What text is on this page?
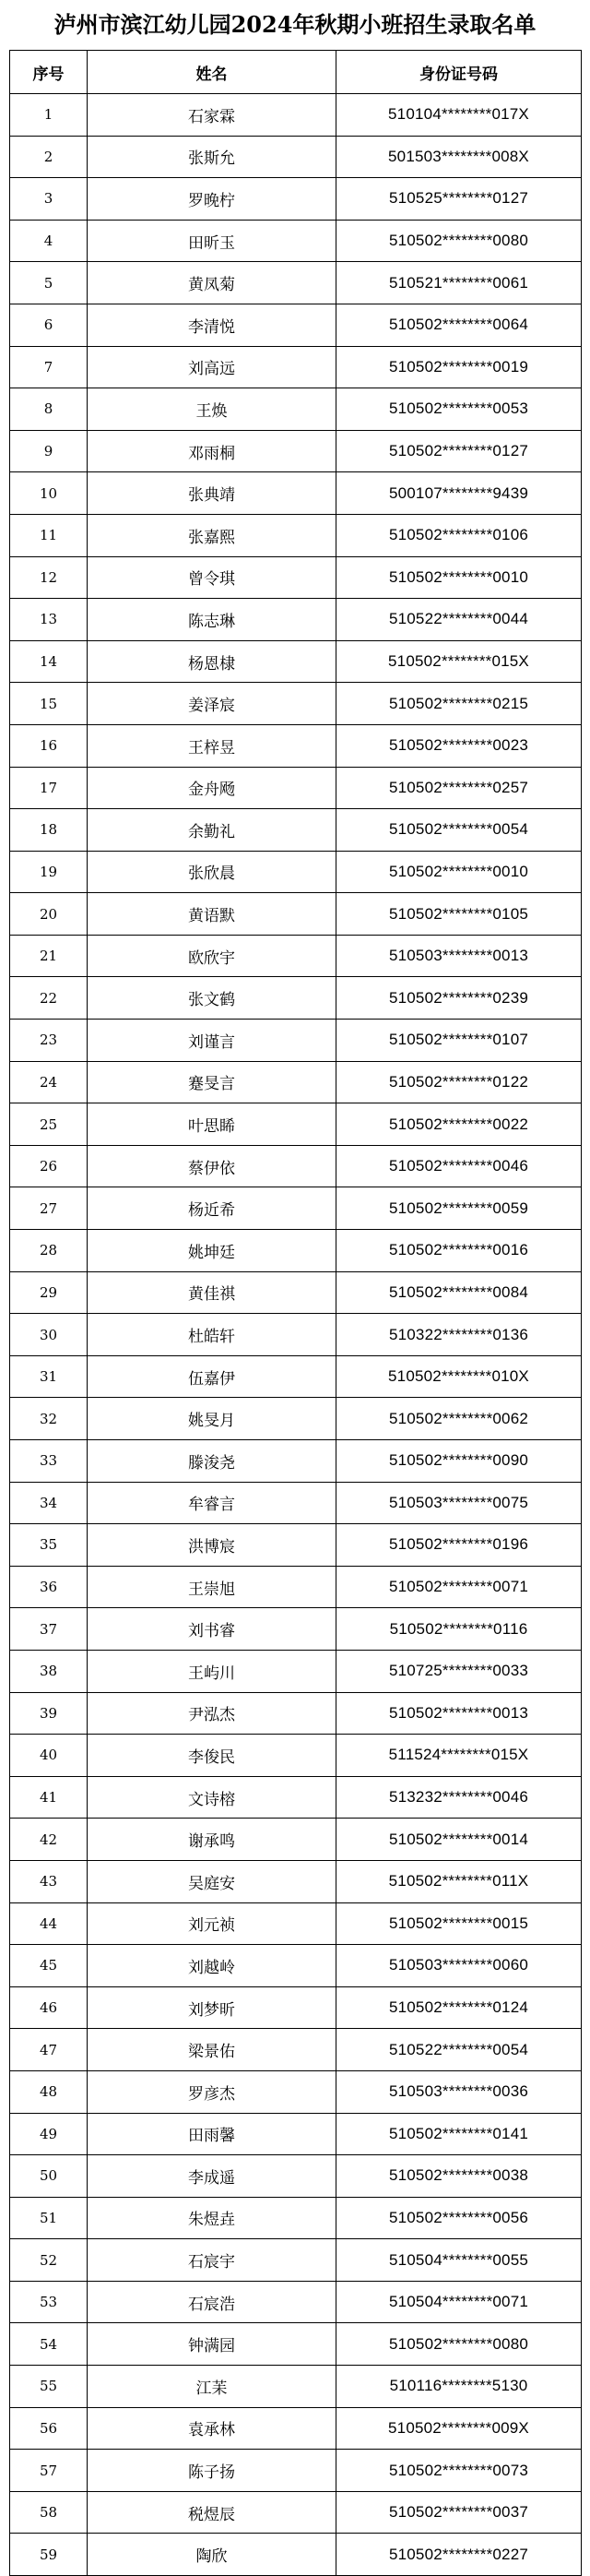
泸州市滨江幼儿园2024年秋期小班招生录取名单
序号	姓名	身份证号码
1	石家霖	510104********017X
2	张斯允	501503********008X
3	罗晚柠	510525********0127
4	田昕玉	510502********0080
5	黄凤菊	510521********0061
6	李清悦	510502********0064
7	刘高远	510502********0019
8	王焕	510502********0053
9	邓雨桐	510502********0127
10	张典靖	500107********9439
11	张嘉熙	510502********0106
12	曾令琪	510502********0010
13	陈志琳	510522********0044
14	杨恩棣	510502********015X
15	姜泽宸	510502********0215
16	王梓昱	510502********0023
17	金舟飏	510502********0257
18	余勤礼	510502********0054
19	张欣晨	510502********0010
20	黄语默	510502********0105
21	欧欣宇	510503********0013
22	张文鹤	510502********0239
23	刘谨言	510502********0107
24	蹇旻言	510502********0122
25	叶思睎	510502********0022
26	蔡伊依	510502********0046
27	杨近希	510502********0059
28	姚坤廷	510502********0016
29	黄佳祺	510502********0084
30	杜皓轩	510322********0136
31	伍嘉伊	510502********010X
32	姚旻月	510502********0062
33	滕浚尧	510502********0090
34	牟睿言	510503********0075
35	洪博宸	510502********0196
36	王崇旭	510502********0071
37	刘书睿	510502********0116
38	王屿川	510725********0033
39	尹泓杰	510502********0013
40	李俊民	511524********015X
41	文诗榕	513232********0046
42	谢承鸣	510502********0014
43	吴庭安	510502********011X
44	刘元祯	510502********0015
45	刘越岭	510503********0060
46	刘梦昕	510502********0124
47	梁景佑	510522********0054
48	罗彦杰	510503********0036
49	田雨馨	510502********0141
50	李成遥	510502********0038
51	朱煜垚	510502********0056
52	石宸宇	510504********0055
53	石宸浩	510504********0071
54	钟满园	510502********0080
55	江苿	510116********5130
56	袁承林	510502********009X
57	陈子扬	510502********0073
58	税煜辰	510502********0037
59	陶欣	510502********0227
